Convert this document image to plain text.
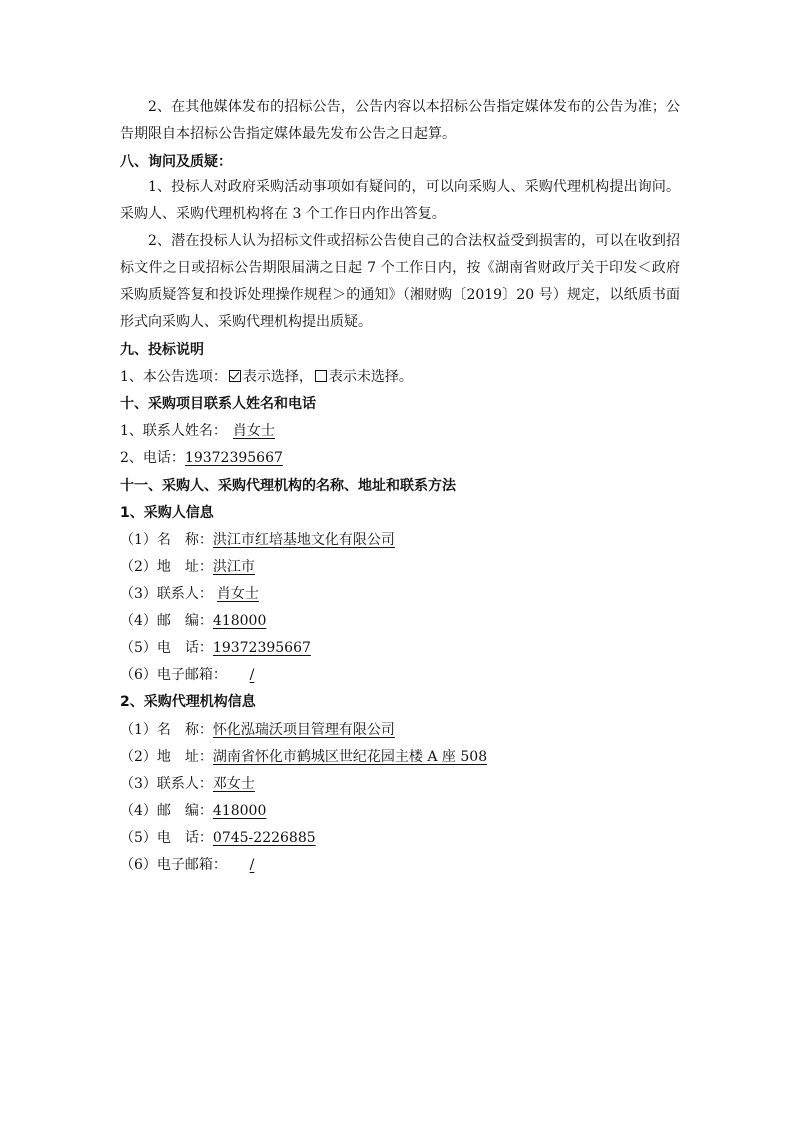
2、在其他媒体发布的招标公告，公告内容以本招标公告指定媒体发布的公告为准；公告期限自本招标公告指定媒体最先发布公告之日起算。
八、询问及质疑：
1、投标人对政府采购活动事项如有疑问的，可以向采购人、采购代理机构提出询问。采购人、采购代理机构将在 3 个工作日内作出答复。
2、潜在投标人认为招标文件或招标公告使自己的合法权益受到损害的，可以在收到招标文件之日或招标公告期限届满之日起 7 个工作日内，按《湖南省财政厅关于印发＜政府采购质疑答复和投诉处理操作规程＞的通知》（湘财购〔2019〕20 号）规定，以纸质书面形式向采购人、采购代理机构提出质疑。
九、投标说明
1、本公告选项： 表示选择， 表示未选择。
十、采购项目联系人姓名和电话
1、联系人姓名： 肖女士
2、电话：19372395667
十一、采购人、采购代理机构的名称、地址和联系方法
1、采购人信息
（1）名　称：洪江市红培基地文化有限公司
（2）地　址：洪江市
（3）联系人： 肖女士
（4）邮　编：418000
（5）电　话：19372395667
（6）电子邮箱： /
2、采购代理机构信息
（1）名　称：怀化泓瑞沃项目管理有限公司
（2）地　址：湖南省怀化市鹤城区世纪花园主楼 A 座 508
（3）联系人：邓女士
（4）邮　编：418000
（5）电　话：0745-2226885
（6）电子邮箱： /
